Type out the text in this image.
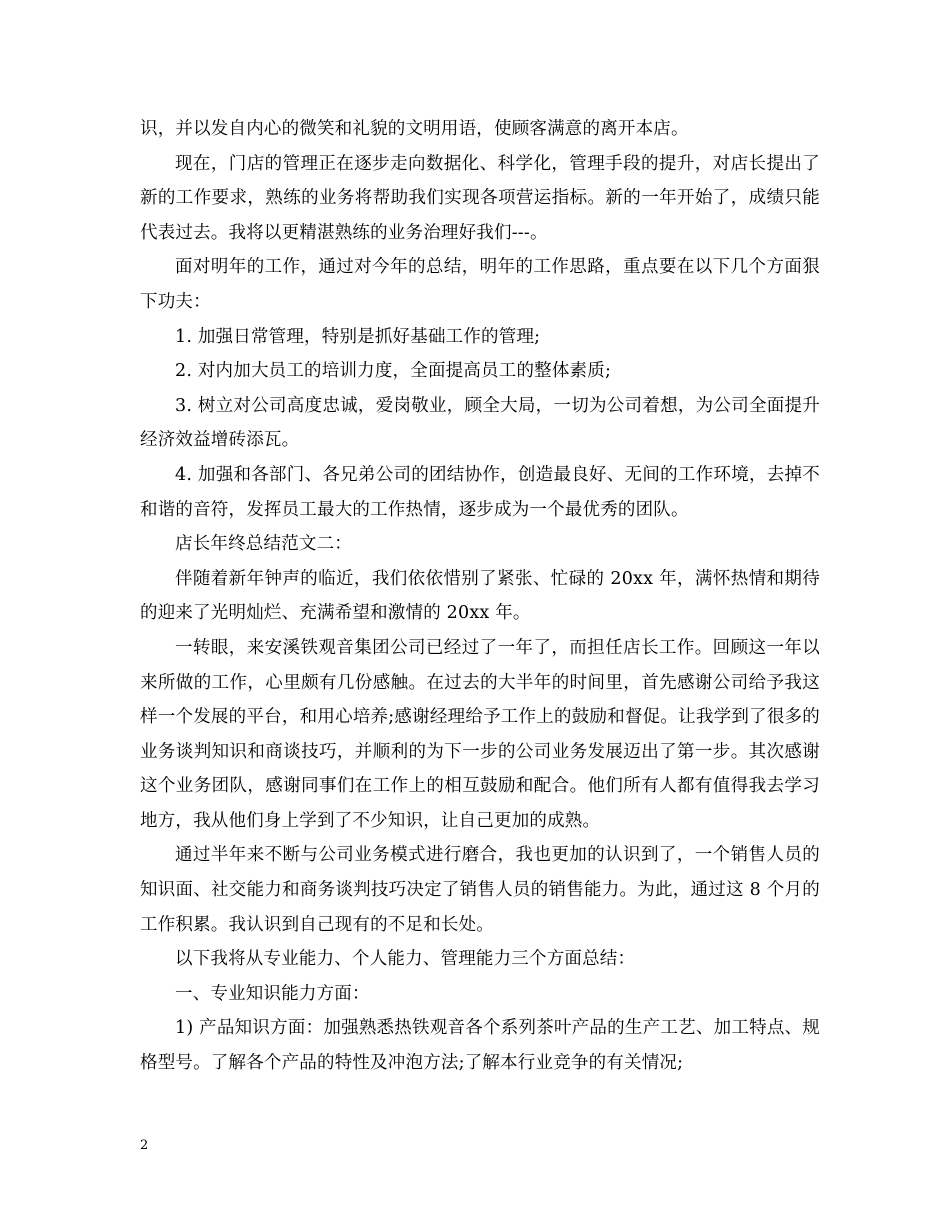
识，并以发自内心的微笑和礼貌的文明用语，使顾客满意的离开本店。

现在，门店的管理正在逐步走向数据化、科学化，管理手段的提升，对店长提出了新的工作要求，熟练的业务将帮助我们实现各项营运指标。新的一年开始了，成绩只能代表过去。我将以更精湛熟练的业务治理好我们---。

面对明年的工作，通过对今年的总结，明年的工作思路，重点要在以下几个方面狠下功夫：

1. 加强日常管理，特别是抓好基础工作的管理;

2. 对内加大员工的培训力度，全面提高员工的整体素质;

3. 树立对公司高度忠诚，爱岗敬业，顾全大局，一切为公司着想，为公司全面提升经济效益增砖添瓦。

4. 加强和各部门、各兄弟公司的团结协作，创造最良好、无间的工作环境，去掉不和谐的音符，发挥员工最大的工作热情，逐步成为一个最优秀的团队。

店长年终总结范文二：

伴随着新年钟声的临近，我们依依惜别了紧张、忙碌的 20xx 年，满怀热情和期待的迎来了光明灿烂、充满希望和激情的 20xx 年。

一转眼，来安溪铁观音集团公司已经过了一年了，而担任店长工作。回顾这一年以来所做的工作，心里颇有几份感触。在过去的大半年的时间里，首先感谢公司给予我这样一个发展的平台，和用心培养;感谢经理给予工作上的鼓励和督促。让我学到了很多的业务谈判知识和商谈技巧，并顺利的为下一步的公司业务发展迈出了第一步。其次感谢这个业务团队，感谢同事们在工作上的相互鼓励和配合。他们所有人都有值得我去学习地方，我从他们身上学到了不少知识，让自己更加的成熟。

通过半年来不断与公司业务模式进行磨合，我也更加的认识到了，一个销售人员的知识面、社交能力和商务谈判技巧决定了销售人员的销售能力。为此，通过这 8 个月的工作积累。我认识到自己现有的不足和长处。

以下我将从专业能力、个人能力、管理能力三个方面总结：

一、专业知识能力方面：

1) 产品知识方面：加强熟悉热铁观音各个系列茶叶产品的生产工艺、加工特点、规格型号。了解各个产品的特性及冲泡方法;了解本行业竞争的有关情况;

2
